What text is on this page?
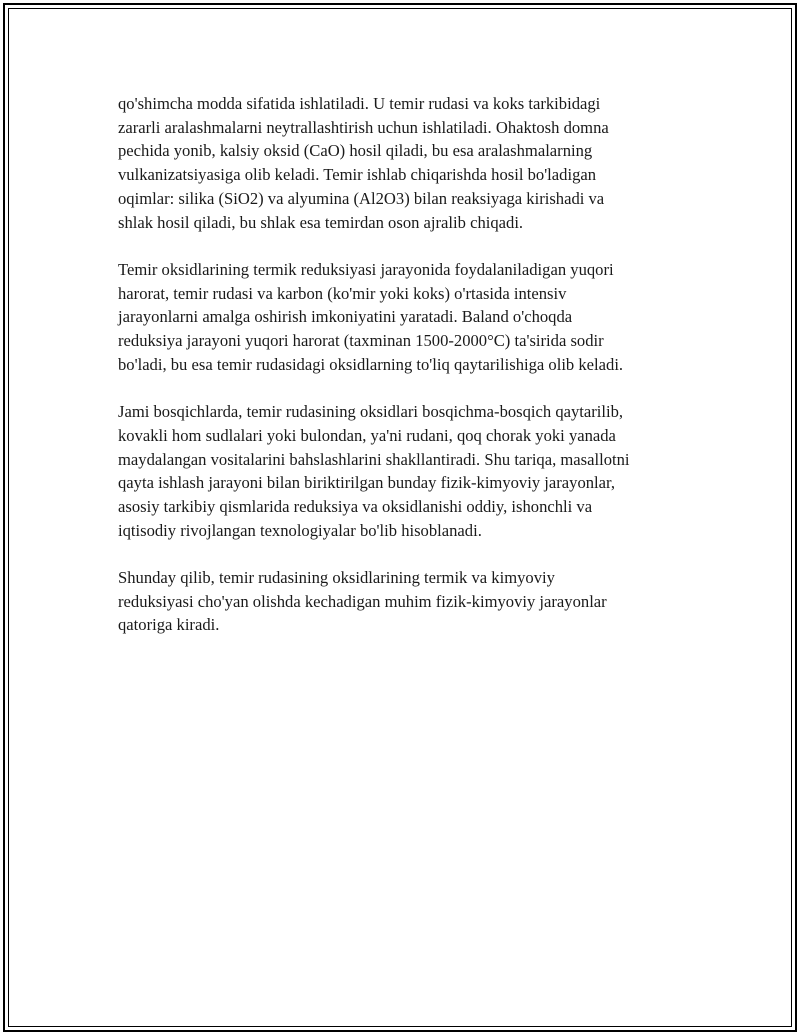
qo'shimcha modda sifatida ishlatiladi. U temir rudasi va koks tarkibidagi
zararli aralashmalarni neytrallashtirish uchun ishlatiladi. Ohaktosh domna
pechida yonib, kalsiy oksid (CaO) hosil qiladi, bu esa aralashmalarning
vulkanizatsiyasiga olib keladi. Temir ishlab chiqarishda hosil bo'ladigan
oqimlar: silika (SiO2) va alyumina (Al2O3) bilan reaksiyaga kirishadi va
shlak hosil qiladi, bu shlak esa temirdan oson ajralib chiqadi.

Temir oksidlarining termik reduksiyasi jarayonida foydalaniladigan yuqori
harorat, temir rudasi va karbon (ko'mir yoki koks) o'rtasida intensiv
jarayonlarni amalga oshirish imkoniyatini yaratadi. Baland o'choqda
reduksiya jarayoni yuqori harorat (taxminan 1500-2000°C) ta'sirida sodir
bo'ladi, bu esa temir rudasidagi oksidlarning to'liq qaytarilishiga olib keladi.

Jami bosqichlarda, temir rudasining oksidlari bosqichma-bosqich qaytarilib,
kovakli hom sudlalari yoki bulondan, ya'ni rudani, qoq chorak yoki yanada
maydalangan vositalarini bahslashlarini shakllantiradi. Shu tariqa, masallotni
qayta ishlash jarayoni bilan biriktirilgan bunday fizik-kimyoviy jarayonlar,
asosiy tarkibiy qismlarida reduksiya va oksidlanishi oddiy, ishonchli va
iqtisodiy rivojlangan texnologiyalar bo'lib hisoblanadi.

Shunday qilib, temir rudasining oksidlarining termik va kimyoviy
reduksiyasi cho'yan olishda kechadigan muhim fizik-kimyoviy jarayonlar
qatoriga kiradi.
